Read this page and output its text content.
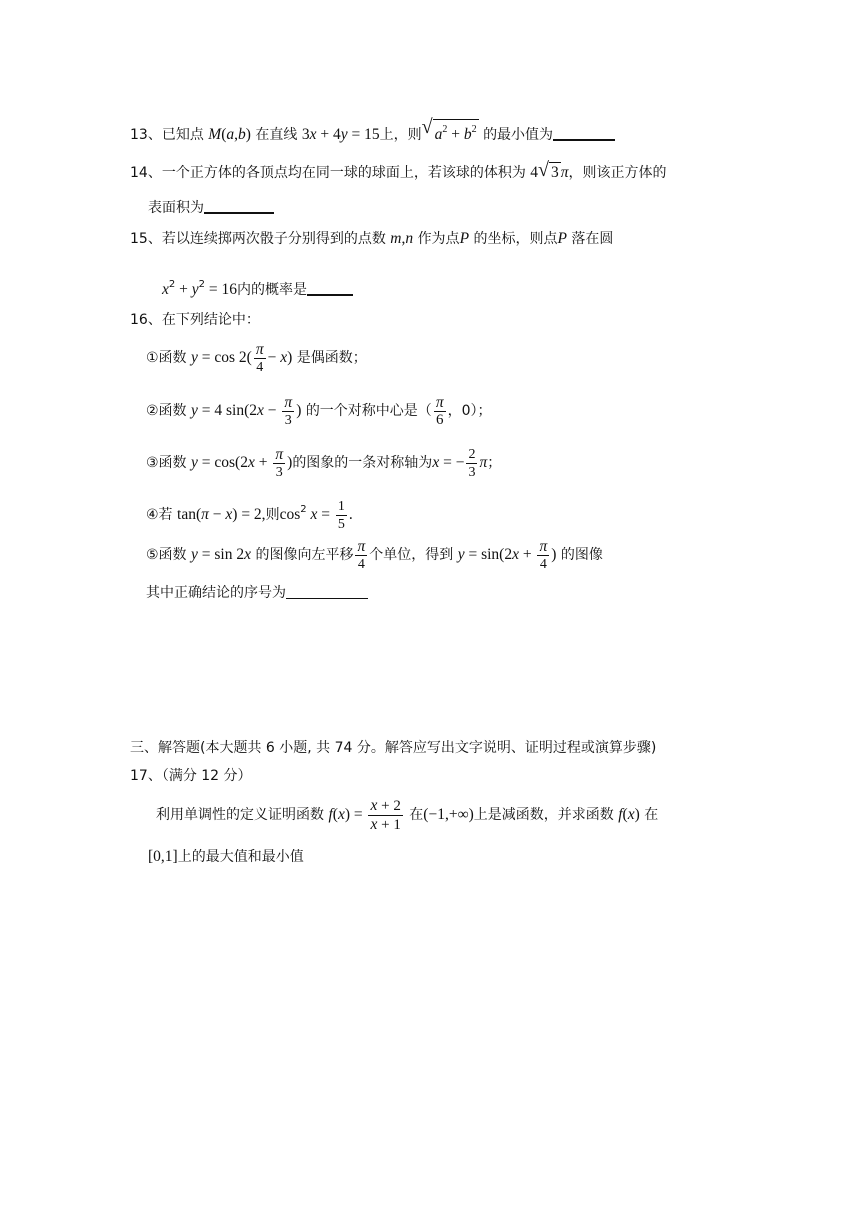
13、已知点 M(a,b) 在直线 3x + 4y = 15上，则 √ $a^2 + b^2$ 的最小值为
14、一个正方体的各顶点均在同一球的球面上，若该球的体积为 4 √ 3 π，则该正方体的
表面积为
15、若以连续掷两次骰子分别得到的点数 m,n 作为点P 的坐标，则点P 落在圆
$x^2 + y^2 = 16$内的概率是
16、在下列结论中：
①函数 $y = \cos 2( \frac{\pi}{4} - x)$ 是偶函数；
②函数 y = 4 $\sin(2x - \frac{\pi}{3}$ ) 的一个对称中心是（ $\frac{\pi}{6}$ ，0）；
③函数 $y = \cos(2x + \frac{\pi}{3}$ )的图象的一条对称轴为x = − $\frac{2}{3}$ π；
④若 tan(π − x) = 2,则$\cos^2 x = \frac{1}{5}$ .
⑤函数 y = sin 2x 的图像向左平移 $\frac{\pi}{4}$ 个单位，得到 $y = \sin(2x + \frac{\pi}{4}$ ) 的图像
其中正确结论的序号为
三、解答题(本大题共 6 小题, 共 74 分。解答应写出文字说明、证明过程或演算步骤)
17、（满分 12 分）
利用单调性的定义证明函数 $f(x) = \frac{x + 2}{x + 1}$ 在(−1,+∞)上是减函数，并求函数 f(x) 在
[0,1]上的最大值和最小值
